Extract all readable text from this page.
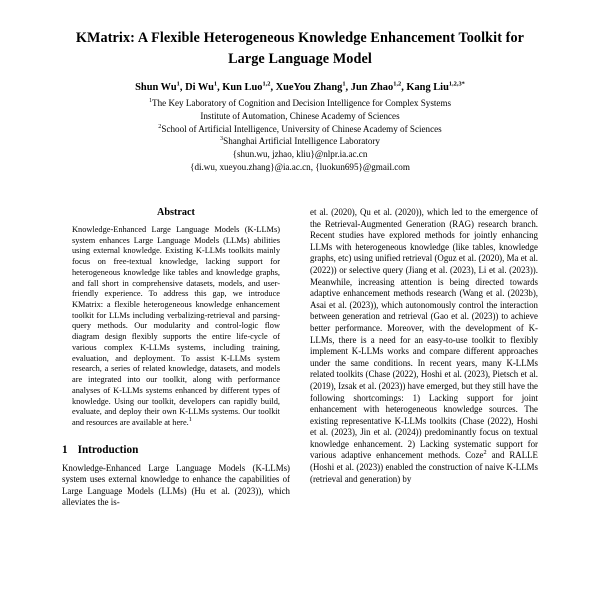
KMatrix: A Flexible Heterogeneous Knowledge Enhancement Toolkit for
Large Language Model
Shun Wu$^1$, Di Wu$^1$, Kun Luo$^{1,2}$, XueYou Zhang$^1$, Jun Zhao$^{1,2}$, Kang Liu$^{1,2,3*}$
$^1$The Key Laboratory of Cognition and Decision Intelligence for Complex Systems
Institute of Automation, Chinese Academy of Sciences
$^2$School of Artificial Intelligence, University of Chinese Academy of Sciences
$^3$Shanghai Artificial Intelligence Laboratory
{shun.wu, jzhao, kliu}@nlpr.ia.ac.cn
{di.wu, xueyou.zhang}@ia.ac.cn, {luokun695}@gmail.com
Abstract

Knowledge-Enhanced Large Language Models (K-LLMs) system enhances Large Language Models (LLMs) abilities using external knowledge. Existing K-LLMs toolkits mainly focus on free-textual knowledge, lacking support for heterogeneous knowledge like tables and knowledge graphs, and fall short in comprehensive datasets, models, and user-friendly experience. To address this gap, we introduce KMatrix: a flexible heterogeneous knowledge enhancement toolkit for LLMs including verbalizing-retrieval and parsing-query methods. Our modularity and control-logic flow diagram design flexibly supports the entire life-cycle of various complex K-LLMs systems, including training, evaluation, and deployment. To assist K-LLMs system research, a series of related knowledge, datasets, and models are integrated into our toolkit, along with performance analyses of K-LLMs systems enhanced by different types of knowledge. Using our toolkit, developers can rapidly build, evaluate, and deploy their own K-LLMs systems. Our toolkit and resources are available at here.$^1$

1 Introduction

Knowledge-Enhanced Large Language Models (K-LLMs) system uses external knowledge to enhance the capabilities of Large Language Models (LLMs) (Hu et al. (2023)), which alleviates the is-

et al. (2020), Qu et al. (2020)), which led to the emergence of the Retrieval-Augmented Generation (RAG) research branch. Recent studies have explored methods for jointly enhancing LLMs with heterogeneous knowledge (like tables, knowledge graphs, etc) using unified retrieval (Oguz et al. (2020), Ma et al. (2022)) or selective query (Jiang et al. (2023), Li et al. (2023)). Meanwhile, increasing attention is being directed towards adaptive enhancement methods research (Wang et al. (2023b), Asai et al. (2023)), which autonomously control the interaction between generation and retrieval (Gao et al. (2023)) to achieve better performance. Moreover, with the development of K-LLMs, there is a need for an easy-to-use toolkit to flexibly implement K-LLMs works and compare different approaches under the same conditions. In recent years, many K-LLMs related toolkits (Chase (2022), Hoshi et al. (2023), Pietsch et al. (2019), Izsak et al. (2023)) have emerged, but they still have the following shortcomings: 1) Lacking support for joint enhancement with heterogeneous knowledge sources. The existing representative K-LLMs toolkits (Chase (2022), Hoshi et al. (2023), Jin et al. (2024)) predominantly focus on textual knowledge enhancement. 2) Lacking systematic support for various adaptive enhancement methods. Coze$^2$ and RALLE (Hoshi et al. (2023)) enabled the construction of naive K-LLMs (retrieval and generation) by
